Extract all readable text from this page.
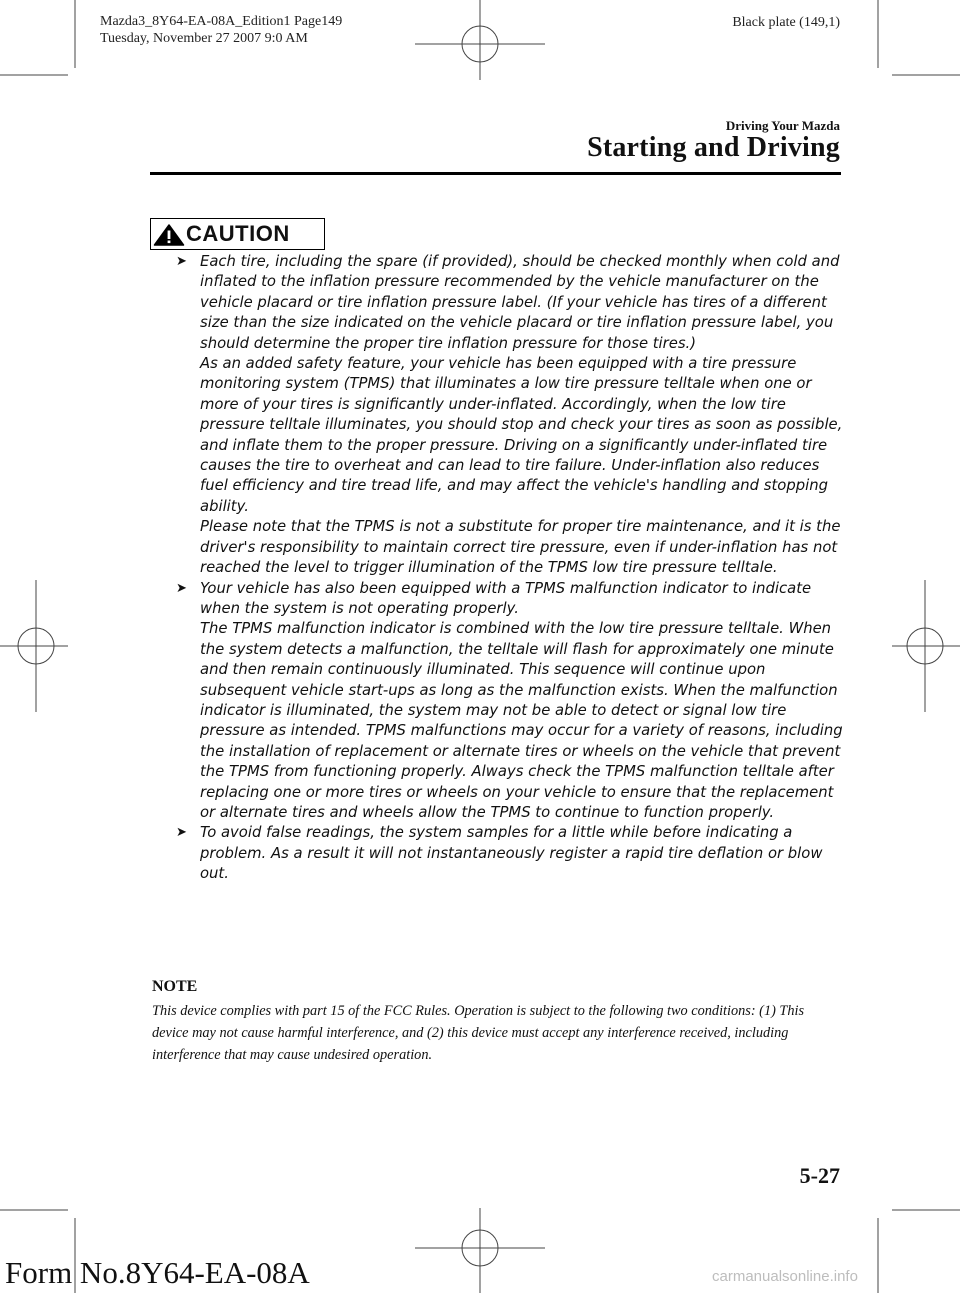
Mazda3_8Y64-EA-08A_Edition1 Page149
Tuesday, November 27 2007 9:0 AM
Black plate (149,1)
Driving Your Mazda
Starting and Driving
CAUTION
➤ Each tire, including the spare (if provided), should be checked monthly when cold and inflated to the inflation pressure recommended by the vehicle manufacturer on the vehicle placard or tire inflation pressure label. (If your vehicle has tires of a different size than the size indicated on the vehicle placard or tire inflation pressure label, you should determine the proper tire inflation pressure for those tires.)

As an added safety feature, your vehicle has been equipped with a tire pressure monitoring system (TPMS) that illuminates a low tire pressure telltale when one or more of your tires is significantly under-inflated. Accordingly, when the low tire pressure telltale illuminates, you should stop and check your tires as soon as possible, and inflate them to the proper pressure. Driving on a significantly under-inflated tire causes the tire to overheat and can lead to tire failure. Under-inflation also reduces fuel efficiency and tire tread life, and may affect the vehicle's handling and stopping ability.

Please note that the TPMS is not a substitute for proper tire maintenance, and it is the driver's responsibility to maintain correct tire pressure, even if under-inflation has not reached the level to trigger illumination of the TPMS low tire pressure telltale.

➤ Your vehicle has also been equipped with a TPMS malfunction indicator to indicate when the system is not operating properly.

The TPMS malfunction indicator is combined with the low tire pressure telltale. When the system detects a malfunction, the telltale will flash for approximately one minute and then remain continuously illuminated. This sequence will continue upon subsequent vehicle start-ups as long as the malfunction exists. When the malfunction indicator is illuminated, the system may not be able to detect or signal low tire pressure as intended. TPMS malfunctions may occur for a variety of reasons, including the installation of replacement or alternate tires or wheels on the vehicle that prevent the TPMS from functioning properly. Always check the TPMS malfunction telltale after replacing one or more tires or wheels on your vehicle to ensure that the replacement or alternate tires and wheels allow the TPMS to continue to function properly.

➤ To avoid false readings, the system samples for a little while before indicating a problem. As a result it will not instantaneously register a rapid tire deflation or blow out.

NOTE
This device complies with part 15 of the FCC Rules. Operation is subject to the following two conditions: (1) This device may not cause harmful interference, and (2) this device must accept any interference received, including interference that may cause undesired operation.
5-27
Form No.8Y64-EA-08A	carmanualsonline.info
